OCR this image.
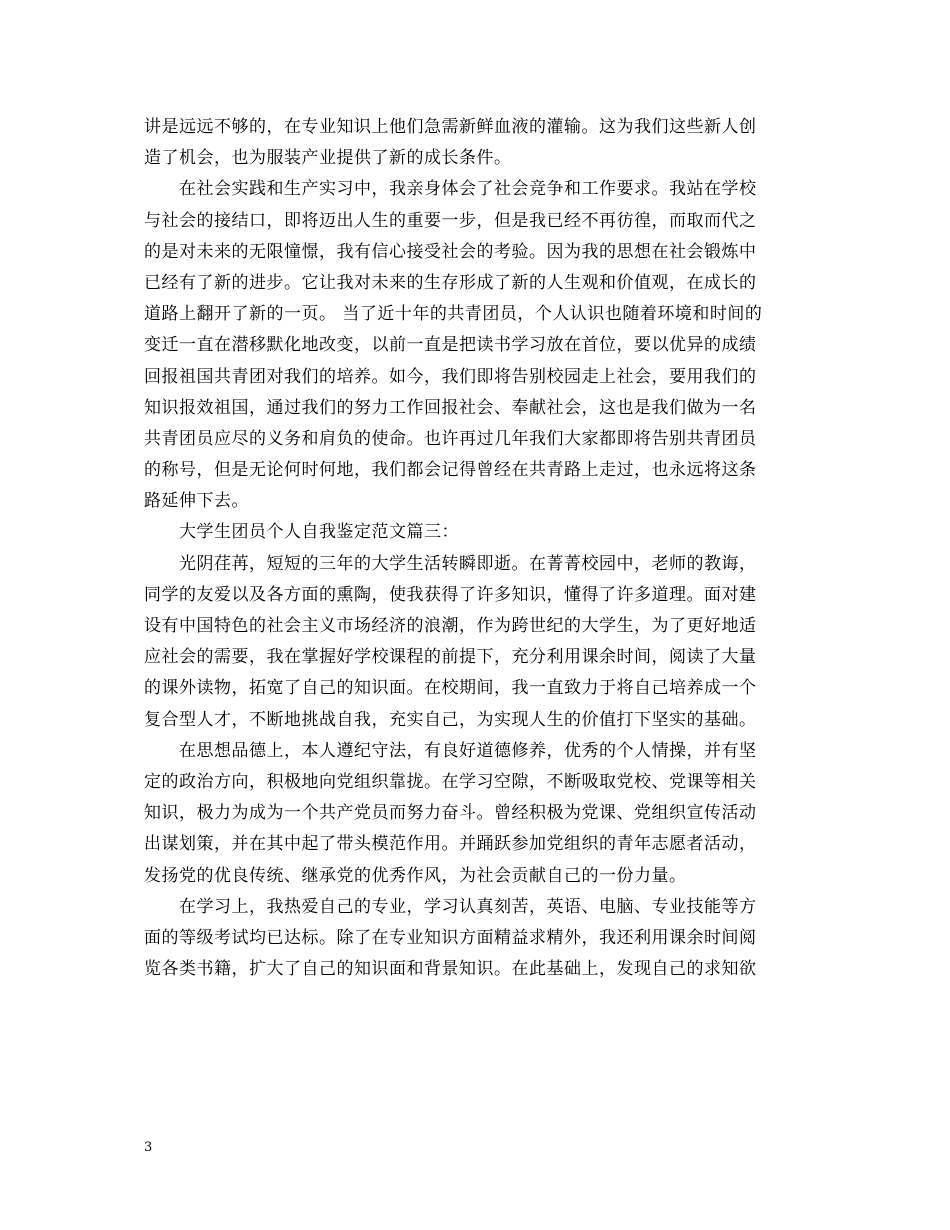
讲是远远不够的，在专业知识上他们急需新鲜血液的灌输。这为我们这些新人创
造了机会，也为服装产业提供了新的成长条件。
在社会实践和生产实习中，我亲身体会了社会竞争和工作要求。我站在学校
与社会的接结口，即将迈出人生的重要一步，但是我已经不再彷徨，而取而代之
的是对未来的无限憧憬，我有信心接受社会的考验。因为我的思想在社会锻炼中
已经有了新的进步。它让我对未来的生存形成了新的人生观和价值观，在成长的
道路上翻开了新的一页。 当了近十年的共青团员，个人认识也随着环境和时间的
变迁一直在潜移默化地改变，以前一直是把读书学习放在首位，要以优异的成绩
回报祖国共青团对我们的培养。如今，我们即将告别校园走上社会，要用我们的
知识报效祖国，通过我们的努力工作回报社会、奉献社会，这也是我们做为一名
共青团员应尽的义务和肩负的使命。也许再过几年我们大家都即将告别共青团员
的称号，但是无论何时何地，我们都会记得曾经在共青路上走过，也永远将这条
路延伸下去。
大学生团员个人自我鉴定范文篇三：
光阴荏苒，短短的三年的大学生活转瞬即逝。在菁菁校园中，老师的教诲，
同学的友爱以及各方面的熏陶，使我获得了许多知识，懂得了许多道理。面对建
设有中国特色的社会主义市场经济的浪潮，作为跨世纪的大学生，为了更好地适
应社会的需要，我在掌握好学校课程的前提下，充分利用课余时间，阅读了大量
的课外读物，拓宽了自己的知识面。在校期间，我一直致力于将自己培养成一个
复合型人才，不断地挑战自我，充实自己，为实现人生的价值打下坚实的基础。
在思想品德上，本人遵纪守法，有良好道德修养，优秀的个人情操，并有坚
定的政治方向，积极地向党组织靠拢。在学习空隙，不断吸取党校、党课等相关
知识，极力为成为一个共产党员而努力奋斗。曾经积极为党课、党组织宣传活动
出谋划策，并在其中起了带头模范作用。并踊跃参加党组织的青年志愿者活动，
发扬党的优良传统、继承党的优秀作风，为社会贡献自己的一份力量。
在学习上，我热爱自己的专业，学习认真刻苦，英语、电脑、专业技能等方
面的等级考试均已达标。除了在专业知识方面精益求精外，我还利用课余时间阅
览各类书籍，扩大了自己的知识面和背景知识。在此基础上，发现自己的求知欲
3
